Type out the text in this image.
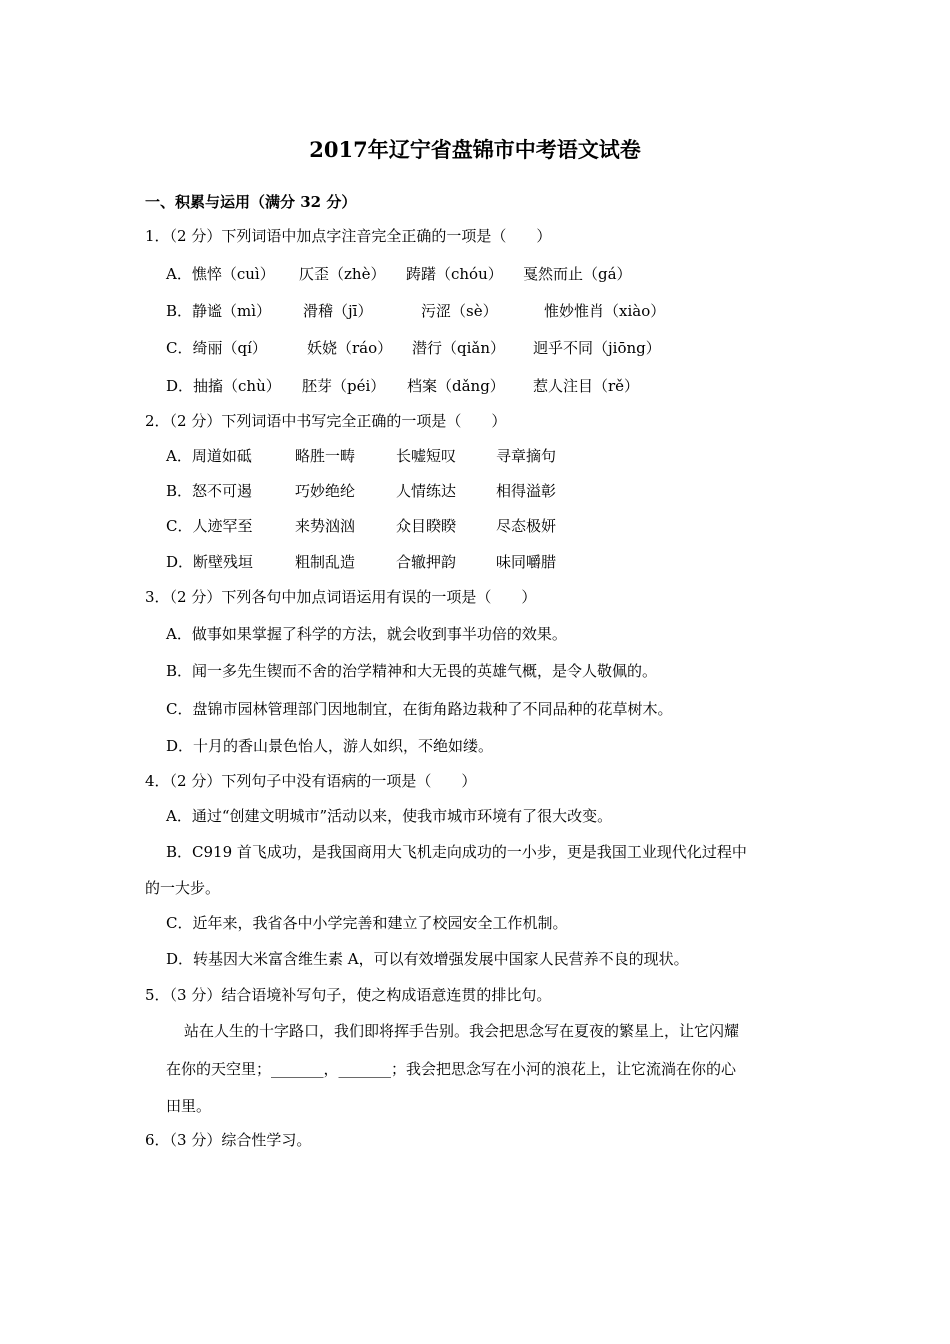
2017年辽宁省盘锦市中考语文试卷
一、积累与运用（满分 32 分）
1．（2 分）下列词语中加点字注音完全正确的一项是（　　）
A．憔悴（cuì） 仄歪（zhè） 踌躇（chóu） 戛然而止（gá）
B．静谧（mì） 滑稽（jī）	污涩（sè）	惟妙惟肖（xiào）
C．绮丽（qí）	妖娆（ráo） 潜行（qiǎn） 迥乎不同（jiōng）
D．抽搐（chù） 胚芽（péi） 档案（dǎng） 惹人注目（rě）
2．（2 分）下列词语中书写完全正确的一项是（　　）
A．周道如砥	略胜一畴	长嘘短叹	寻章摘句
B．怒不可遏	巧妙绝纶	人情练达	相得溢彰
C．人迹罕至	来势汹汹	众目睽睽	尽态极妍
D．断壁残垣	粗制乱造	合辙押韵	味同嚼腊
3．（2 分）下列各句中加点词语运用有误的一项是（　　）
A．做事如果掌握了科学的方法，就会收到事半功倍的效果。
B．闻一多先生锲而不舍的治学精神和大无畏的英雄气概，是令人敬佩的。
C．盘锦市园林管理部门因地制宜，在街角路边栽种了不同品种的花草树木。
D．十月的香山景色怡人，游人如织，不绝如缕。
4．（2 分）下列句子中没有语病的一项是（　　）
A．通过“创建文明城市”活动以来，使我市城市环境有了很大改变。
B．C919 首飞成功，是我国商用大飞机走向成功的一小步，更是我国工业现代化过程中
的一大步。
C．近年来，我省各中小学完善和建立了校园安全工作机制。
D．转基因大米富含维生素 A，可以有效增强发展中国家人民营养不良的现状。
5．（3 分）结合语境补写句子，使之构成语意连贯的排比句。
站在人生的十字路口，我们即将挥手告别。我会把思念写在夏夜的繁星上，让它闪耀
在你的天空里；_______，_______；我会把思念写在小河的浪花上，让它流淌在你的心
田里。
6．（3 分）综合性学习。
